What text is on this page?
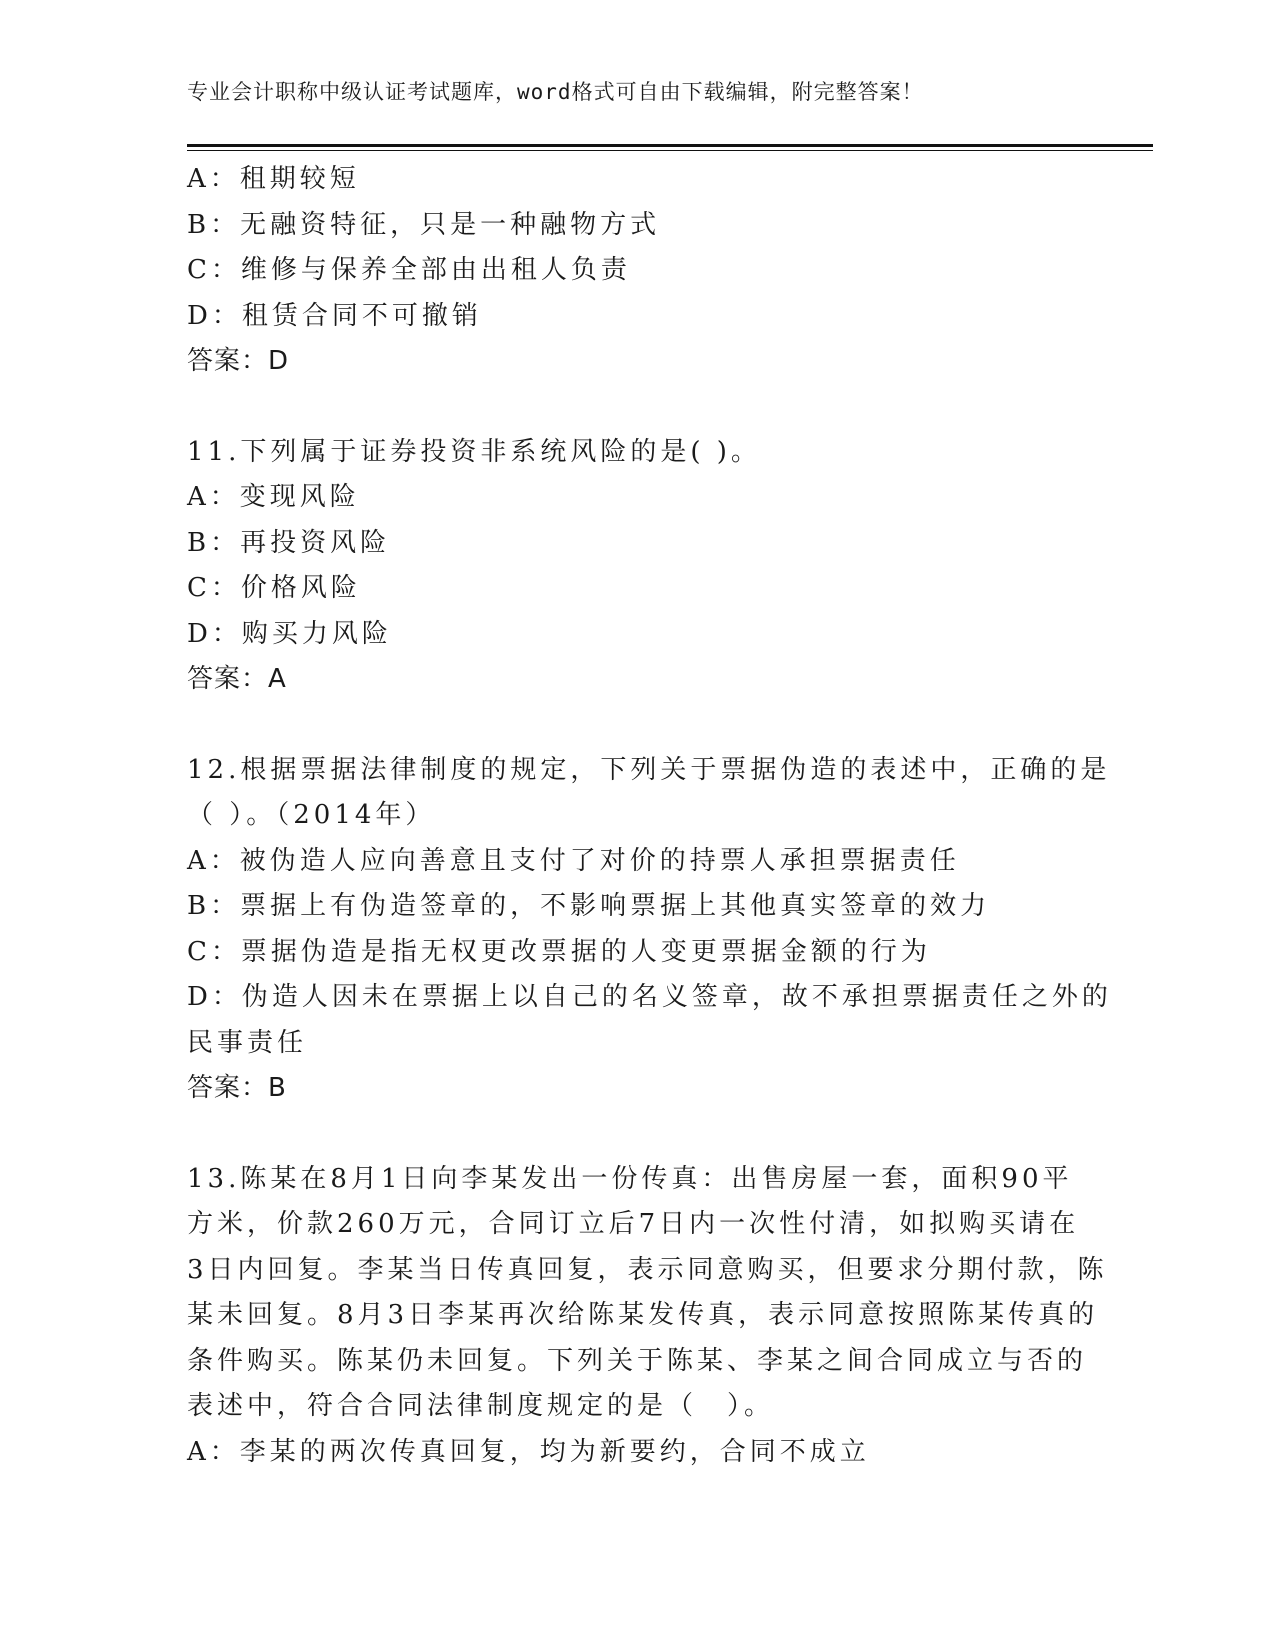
专业会计职称中级认证考试题库，word格式可自由下载编辑，附完整答案！
A：租期较短
B：无融资特征，只是一种融物方式
C：维修与保养全部由出租人负责
D：租赁合同不可撤销
答案：D
11.下列属于证券投资非系统风险的是( )。
A：变现风险
B：再投资风险
C：价格风险
D：购买力风险
答案：A
12.根据票据法律制度的规定，下列关于票据伪造的表述中，正确的是
（ ）。（2014年）
A：被伪造人应向善意且支付了对价的持票人承担票据责任
B：票据上有伪造签章的，不影响票据上其他真实签章的效力
C：票据伪造是指无权更改票据的人变更票据金额的行为
D：伪造人因未在票据上以自己的名义签章，故不承担票据责任之外的
民事责任
答案：B
13.陈某在8月1日向李某发出一份传真：出售房屋一套，面积90平
方米，价款260万元，合同订立后7日内一次性付清，如拟购买请在
3日内回复。李某当日传真回复，表示同意购买，但要求分期付款，陈
某未回复。8月3日李某再次给陈某发传真，表示同意按照陈某传真的
条件购买。陈某仍未回复。下列关于陈某、李某之间合同成立与否的
表述中，符合合同法律制度规定的是（　）。
A：李某的两次传真回复，均为新要约，合同不成立
